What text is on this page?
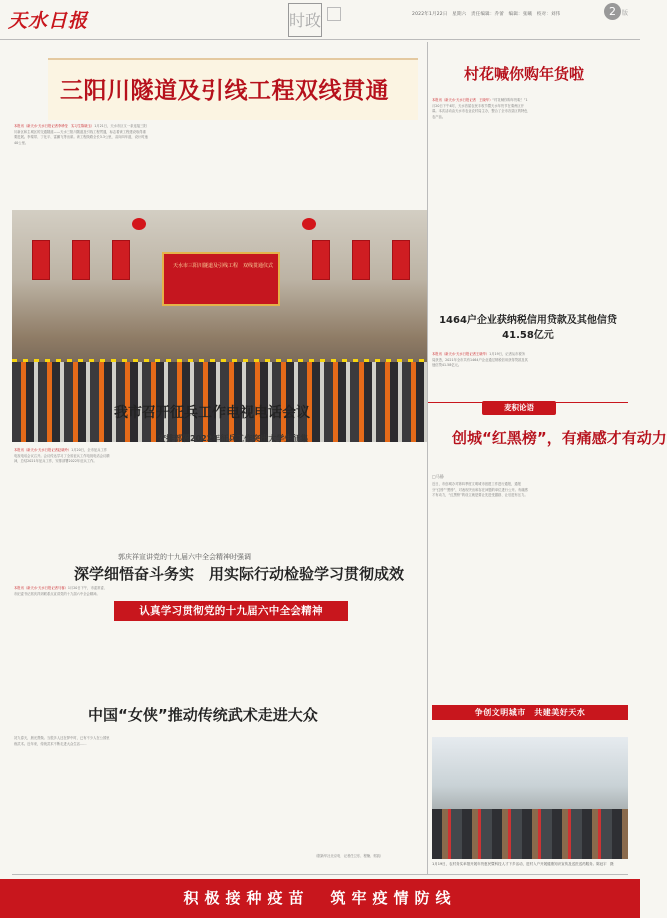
天水日报	时政	2022年1月22日　星期六　责任编辑：乔蕾　编辑：张曦　校对：刘伟	2	版
三阳川隧道及引线工程双线贯通
本报讯（新天水·天水日报记者李珍莹　实习生陈晓玉）1月21日，天水市区又一条连接三阳川新区和主城区的交通隧道——天水三阳川隧道及引线工程贯通，标志着该工程建设取得重要进展。李秦带、丁化平、雷鹏飞等出席。该工程线路全长3.3公里，双向四车道，设计时速40公里。
天水市三阳川隧道及引线工程　双线贯通仪式
我市召开征兵工作电视电话会议
安排部署2022年征兵工作突出大学生征集
本报讯（新天水·天水日报记者赵晓玲）1月20日，全市征兵工作电视电话会议召开。会议传达学习了全省征兵工作电视电话会议精神，总结2021年征兵工作，安排部署2022年征兵工作。
郭庆祥宣讲党的十九届六中全会精神时强调
深学细悟奋斗务实　用实际行动检验学习贯彻成效
认真学习贯彻党的十九届六中全会精神
本报讯（新天水·天水日报记者马蓉）1月20日下午，市委常委、市纪委书记郭庆祥到联系点宣讲党的十九届六中全会精神。
中国“女侠”推动传统武术走进大众
初九春天，晨光熹微。当很多人还在梦中时，已有不少人在公园里练武术。近年来，传统武术不断走进大众生活……
（据新华社北京电　记者任卫东、程楠、郭凯）
村花喊你购年货啦
本报讯（新天水·天水日报记者　王晓华）“村花喊你购年货啦！”1月20日下午4时，天水首届农民丰收节暨天水年货节在秦州区开幕。本次活动由天水市农业农村局主办，整合了全市各县区的特色农产品。
1464户企业获纳税信用贷款及其他信贷41.58亿元
本报讯（新天水·天水日报记者王晓华）1月19日，记者从市税务局获悉，2021年全市共有1464户企业通过纳税信用获得贷款及其他信贷41.58亿元。
麦积论语
创城“红黑榜”，有痛感才有动力
□马静
近日，市创城办对第四季度文明城市创建工作进行通报，通报分“红榜”“黑榜”，对表现突出和存在问题的单位进行公开。有痛感才有动力，“红黑榜”的设立就是要让先进受激励、让后进有压力。
争创文明城市　共建美好天水
1月19日，农村务实举措开展年货惠民暨科技人才下乡活动，进村入户开展健康知识宣传及送医送药服务。陈冠宇　摄
积极接种疫苗　筑牢疫情防线
